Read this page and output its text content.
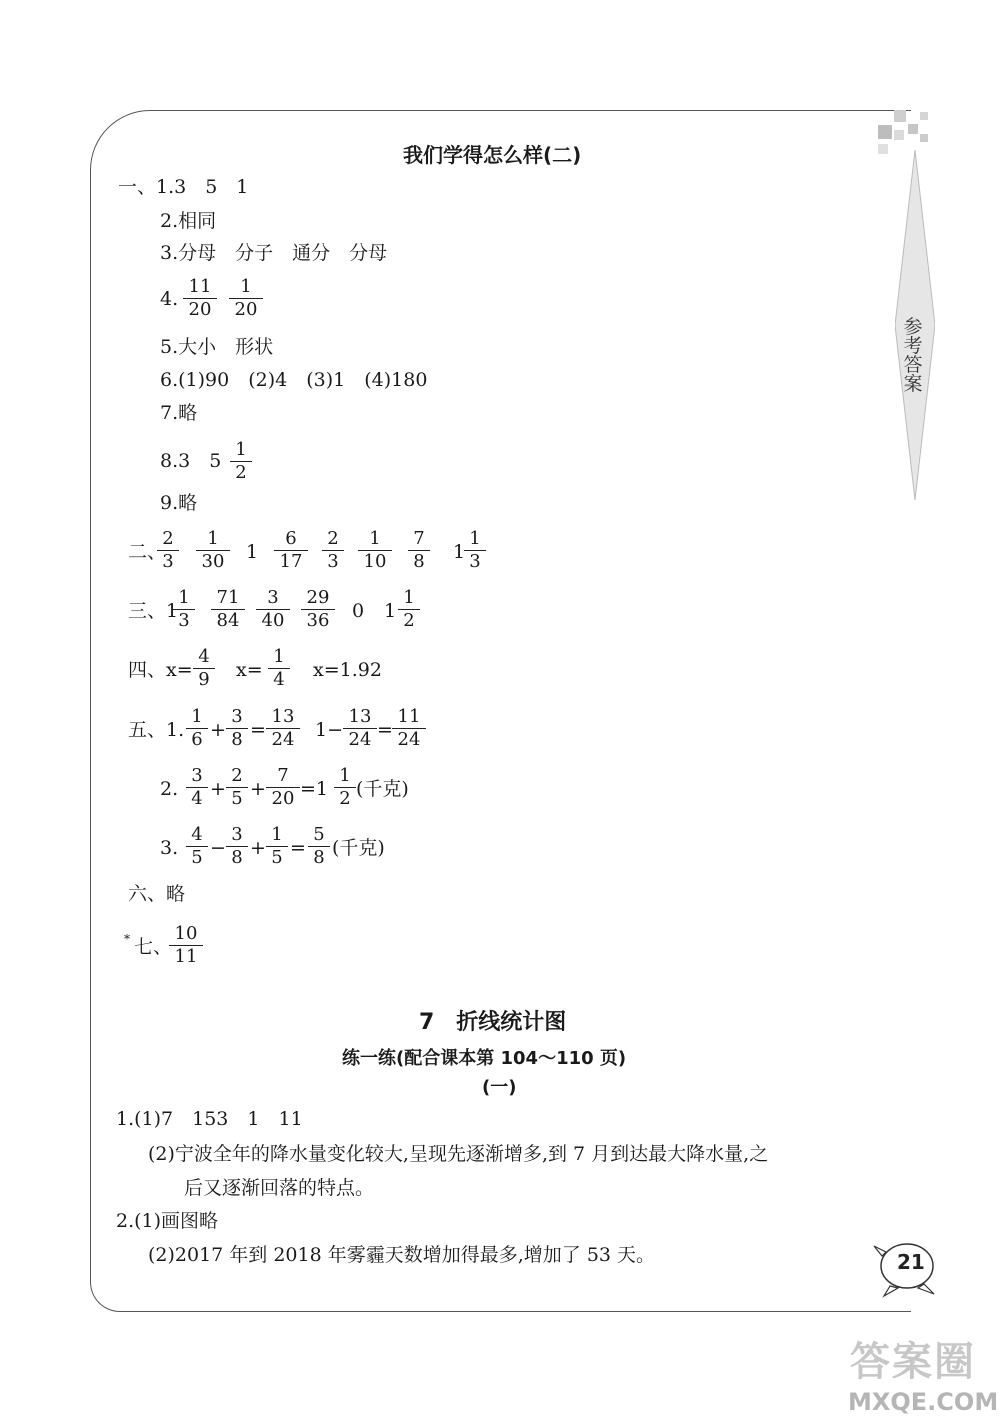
参考答案
我们学得怎么样(二)
一、1.3　5　1
2.相同
3.分母　分子　通分　分母
4.
11
20
1
20
5.大小　形状
6.(1)90　(2)4　(3)1　(4)180
7.略
8.3　5
1
2
9.略
二、
2
3
1
30 1
6
17
2
3
1
10
7
8 1
1
3
三、1
1
3
71
84
3
40
29
36 0 1
1
2
四、x=
4
9 x=
1
4 x=1.92
五、1.
1
6 +
3
8 =
13
24 1−
13
24 =
11
24
2.
3
4 +
2
5 +
7
20 =1
1
2 (千克)
3.
4
5 −
3
8 +
1
5 =
5
8 (千克)
六、略
* 七、
10
11
7　折线统计图
练一练(配合课本第 104～110 页)
(一)
1.(1)7　153　1　11
(2)宁波全年的降水量变化较大,呈现先逐渐增多,到 7 月到达最大降水量,之
后又逐渐回落的特点。
2.(1)画图略
(2)2017 年到 2018 年雾霾天数增加得最多,增加了 53 天。	21
答案圈
MXQE.COM
